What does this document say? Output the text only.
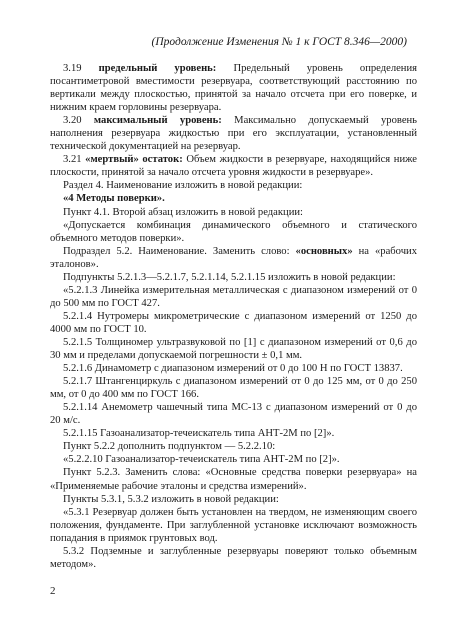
(Продолжение Изменения № 1 к ГОСТ 8.346—2000)

3.19 предельный уровень: Предельный уровень определения посантиметровой вместимости резервуара, соответствующий расстоянию по вертикали между плоскостью, принятой за начало отсчета при его поверке, и нижним краем горловины резервуара.

3.20 максимальный уровень: Максимально допускаемый уровень наполнения резервуара жидкостью при его эксплуатации, установленный технической документацией на резервуар.

3.21 «мертвый» остаток: Объем жидкости в резервуаре, находящийся ниже плоскости, принятой за начало отсчета уровня жидкости в резервуаре».

Раздел 4. Наименование изложить в новой редакции:

«4 Методы поверки».

Пункт 4.1. Второй абзац изложить в новой редакции:

«Допускается комбинация динамического объемного и статического объемного методов поверки».

Подраздел 5.2. Наименование. Заменить слово: «основных» на «рабочих эталонов».

Подпункты 5.2.1.3—5.2.1.7, 5.2.1.14, 5.2.1.15 изложить в новой редакции:

«5.2.1.3 Линейка измерительная металлическая с диапазоном измерений от 0 до 500 мм по ГОСТ 427.

5.2.1.4 Нутромеры микрометрические с диапазоном измерений от 1250 до 4000 мм по ГОСТ 10.

5.2.1.5 Толщиномер ультразвуковой по [1] с диапазоном измерений от 0,6 до 30 мм и пределами допускаемой погрешности ± 0,1 мм.

5.2.1.6 Динамометр с диапазоном измерений от 0 до 100 Н по ГОСТ 13837.

5.2.1.7 Штангенциркуль с диапазоном измерений от 0 до 125 мм, от 0 до 250 мм, от 0 до 400 мм по ГОСТ 166.

5.2.1.14 Анемометр чашечный типа МС-13 с диапазоном измерений от 0 до 20 м/с.

5.2.1.15 Газоанализатор-течеискатель типа АНТ-2М по [2]».

Пункт 5.2.2 дополнить подпунктом — 5.2.2.10:

«5.2.2.10 Газоанализатор-течеискатель типа АНТ-2М по [2]».

Пункт 5.2.3. Заменить слова: «Основные средства поверки резервуара» на «Применяемые рабочие эталоны и средства измерений».

Пункты 5.3.1, 5.3.2 изложить в новой редакции:

«5.3.1 Резервуар должен быть установлен на твердом, не изменяющим своего положения, фундаменте. При заглубленной установке исключают возможность попадания в приямок грунтовых вод.

5.3.2 Подземные и заглубленные резервуары поверяют только объемным методом».

2
